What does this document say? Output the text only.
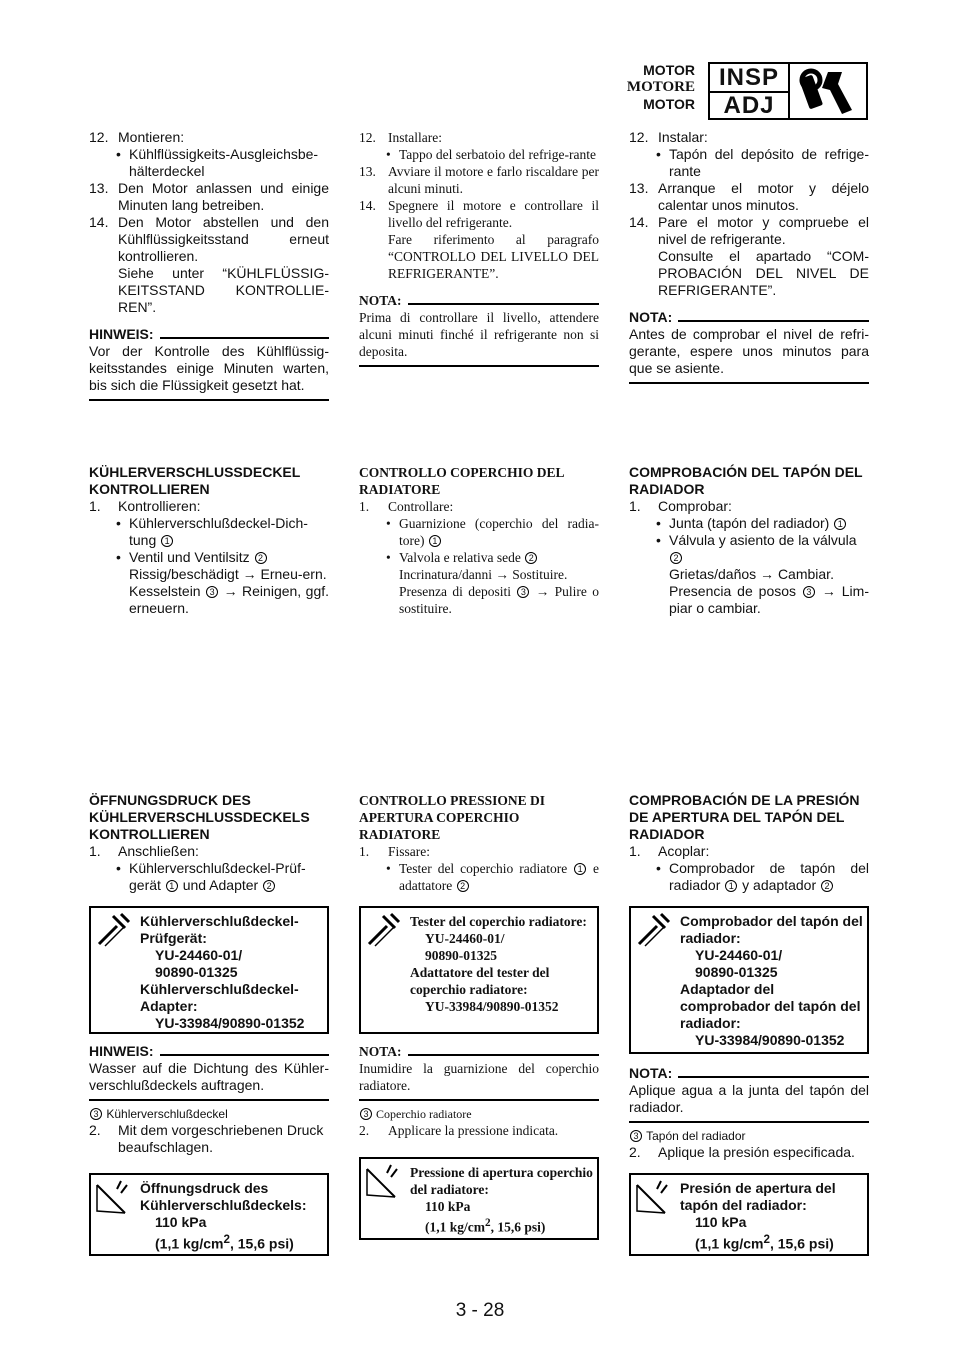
MOTOR
MOTORE
MOTOR
INSP
ADJ
12. Montieren:
• Kühlflüssigkeits-Ausgleichsbe-hälterdeckel
13. Den Motor anlassen und einige Minuten lang betreiben.
14. Den Motor abstellen und den Kühlflüssigkeitsstand erneut kontrollieren.
Siehe unter “KÜHLFLÜSSIG-KEITSSTAND KONTROLLIE-REN”.
HINWEIS:
Vor der Kontrolle des Kühlflüssig-keitsstandes einige Minuten warten, bis sich die Flüssigkeit gesetzt hat.
KÜHLERVERSCHLUSSDECKEL KONTROLLIEREN
1. Kontrollieren:
• Kühlerverschlußdeckel-Dich-tung 1
• Ventil und Ventilsitz 2
Rissig/beschädigt → Erneu-ern.
Kesselstein 3 → Reinigen, ggf. erneuern.
ÖFFNUNGSDRUCK DES KÜHLERVERSCHLUSSDECKELS KONTROLLIEREN
1. Anschließen:
• Kühlerverschlußdeckel-Prüf-gerät 1 und Adapter 2
Kühlerverschlußdeckel-Prüfgerät:
YU-24460-01/
90890-01325
Kühlerverschlußdeckel-Adapter:
YU-33984/90890-01352
HINWEIS:
Wasser auf die Dichtung des Kühler-verschlußdeckels auftragen.
3 Kühlerverschlußdeckel
2. Mit dem vorgeschriebenen Druck beaufschlagen.
Öffnungsdruck des Kühlerverschlußdeckels:
110 kPa
(1,1 $kg/cm^2$, 15,6 psi)
12. Installare:
• Tappo del serbatoio del refrige-rante
13. Avviare il motore e farlo riscaldare per alcuni minuti.
14. Spegnere il motore e controllare il livello del refrigerante.
Fare riferimento al paragrafo “CONTROLLO DEL LIVELLO DEL REFRIGERANTE”.
NOTA:
Prima di controllare il livello, attendere alcuni minuti finché il refrigerante non si deposita.
CONTROLLO COPERCHIO DEL RADIATORE
1. Controllare:
• Guarnizione (coperchio del radia-tore) 1
• Valvola e relativa sede 2
Incrinatura/danni → Sostituire.
Presenza di depositi 3 → Pulire o sostituire.
CONTROLLO PRESSIONE DI APERTURA COPERCHIO RADIATORE
1. Fissare:
• Tester del coperchio radiatore 1 e adattatore 2
Tester del coperchio radiatore:
YU-24460-01/
90890-01325
Adattatore del tester del coperchio radiatore:
YU-33984/90890-01352
NOTA:
Inumidire la guarnizione del coperchio radiatore.
3 Coperchio radiatore
2. Applicare la pressione indicata.
Pressione di apertura coperchio del radiatore:
110 kPa
(1,1 $kg/cm^2$, 15,6 psi)
12. Instalar:
• Tapón del depósito de refrige-rante
13. Arranque el motor y déjelo calentar unos minutos.
14. Pare el motor y compruebe el nivel de refrigerante.
Consulte el apartado “COM-PROBACIÓN DEL NIVEL DE REFRIGERANTE”.
NOTA:
Antes de comprobar el nivel de refri-gerante, espere unos minutos para que se asiente.
COMPROBACIÓN DEL TAPÓN DEL RADIADOR
1. Comprobar:
• Junta (tapón del radiador) 1
• Válvula y asiento de la válvula 2
Grietas/daños → Cambiar.
Presencia de posos 3 → Lim-piar o cambiar.
COMPROBACIÓN DE LA PRESIÓN DE APERTURA DEL TAPÓN DEL RADIADOR
1. Acoplar:
• Comprobador de tapón del radiador 1 y adaptador 2
Comprobador del tapón del radiador:
YU-24460-01/
90890-01325
Adaptador del comprobador del tapón del radiador:
YU-33984/90890-01352
NOTA:
Aplique agua a la junta del tapón del radiador.
3 Tapón del radiador
2. Aplique la presión especificada.
Presión de apertura del tapón del radiador:
110 kPa
(1,1 $kg/cm^2$, 15,6 psi)
3 - 28
